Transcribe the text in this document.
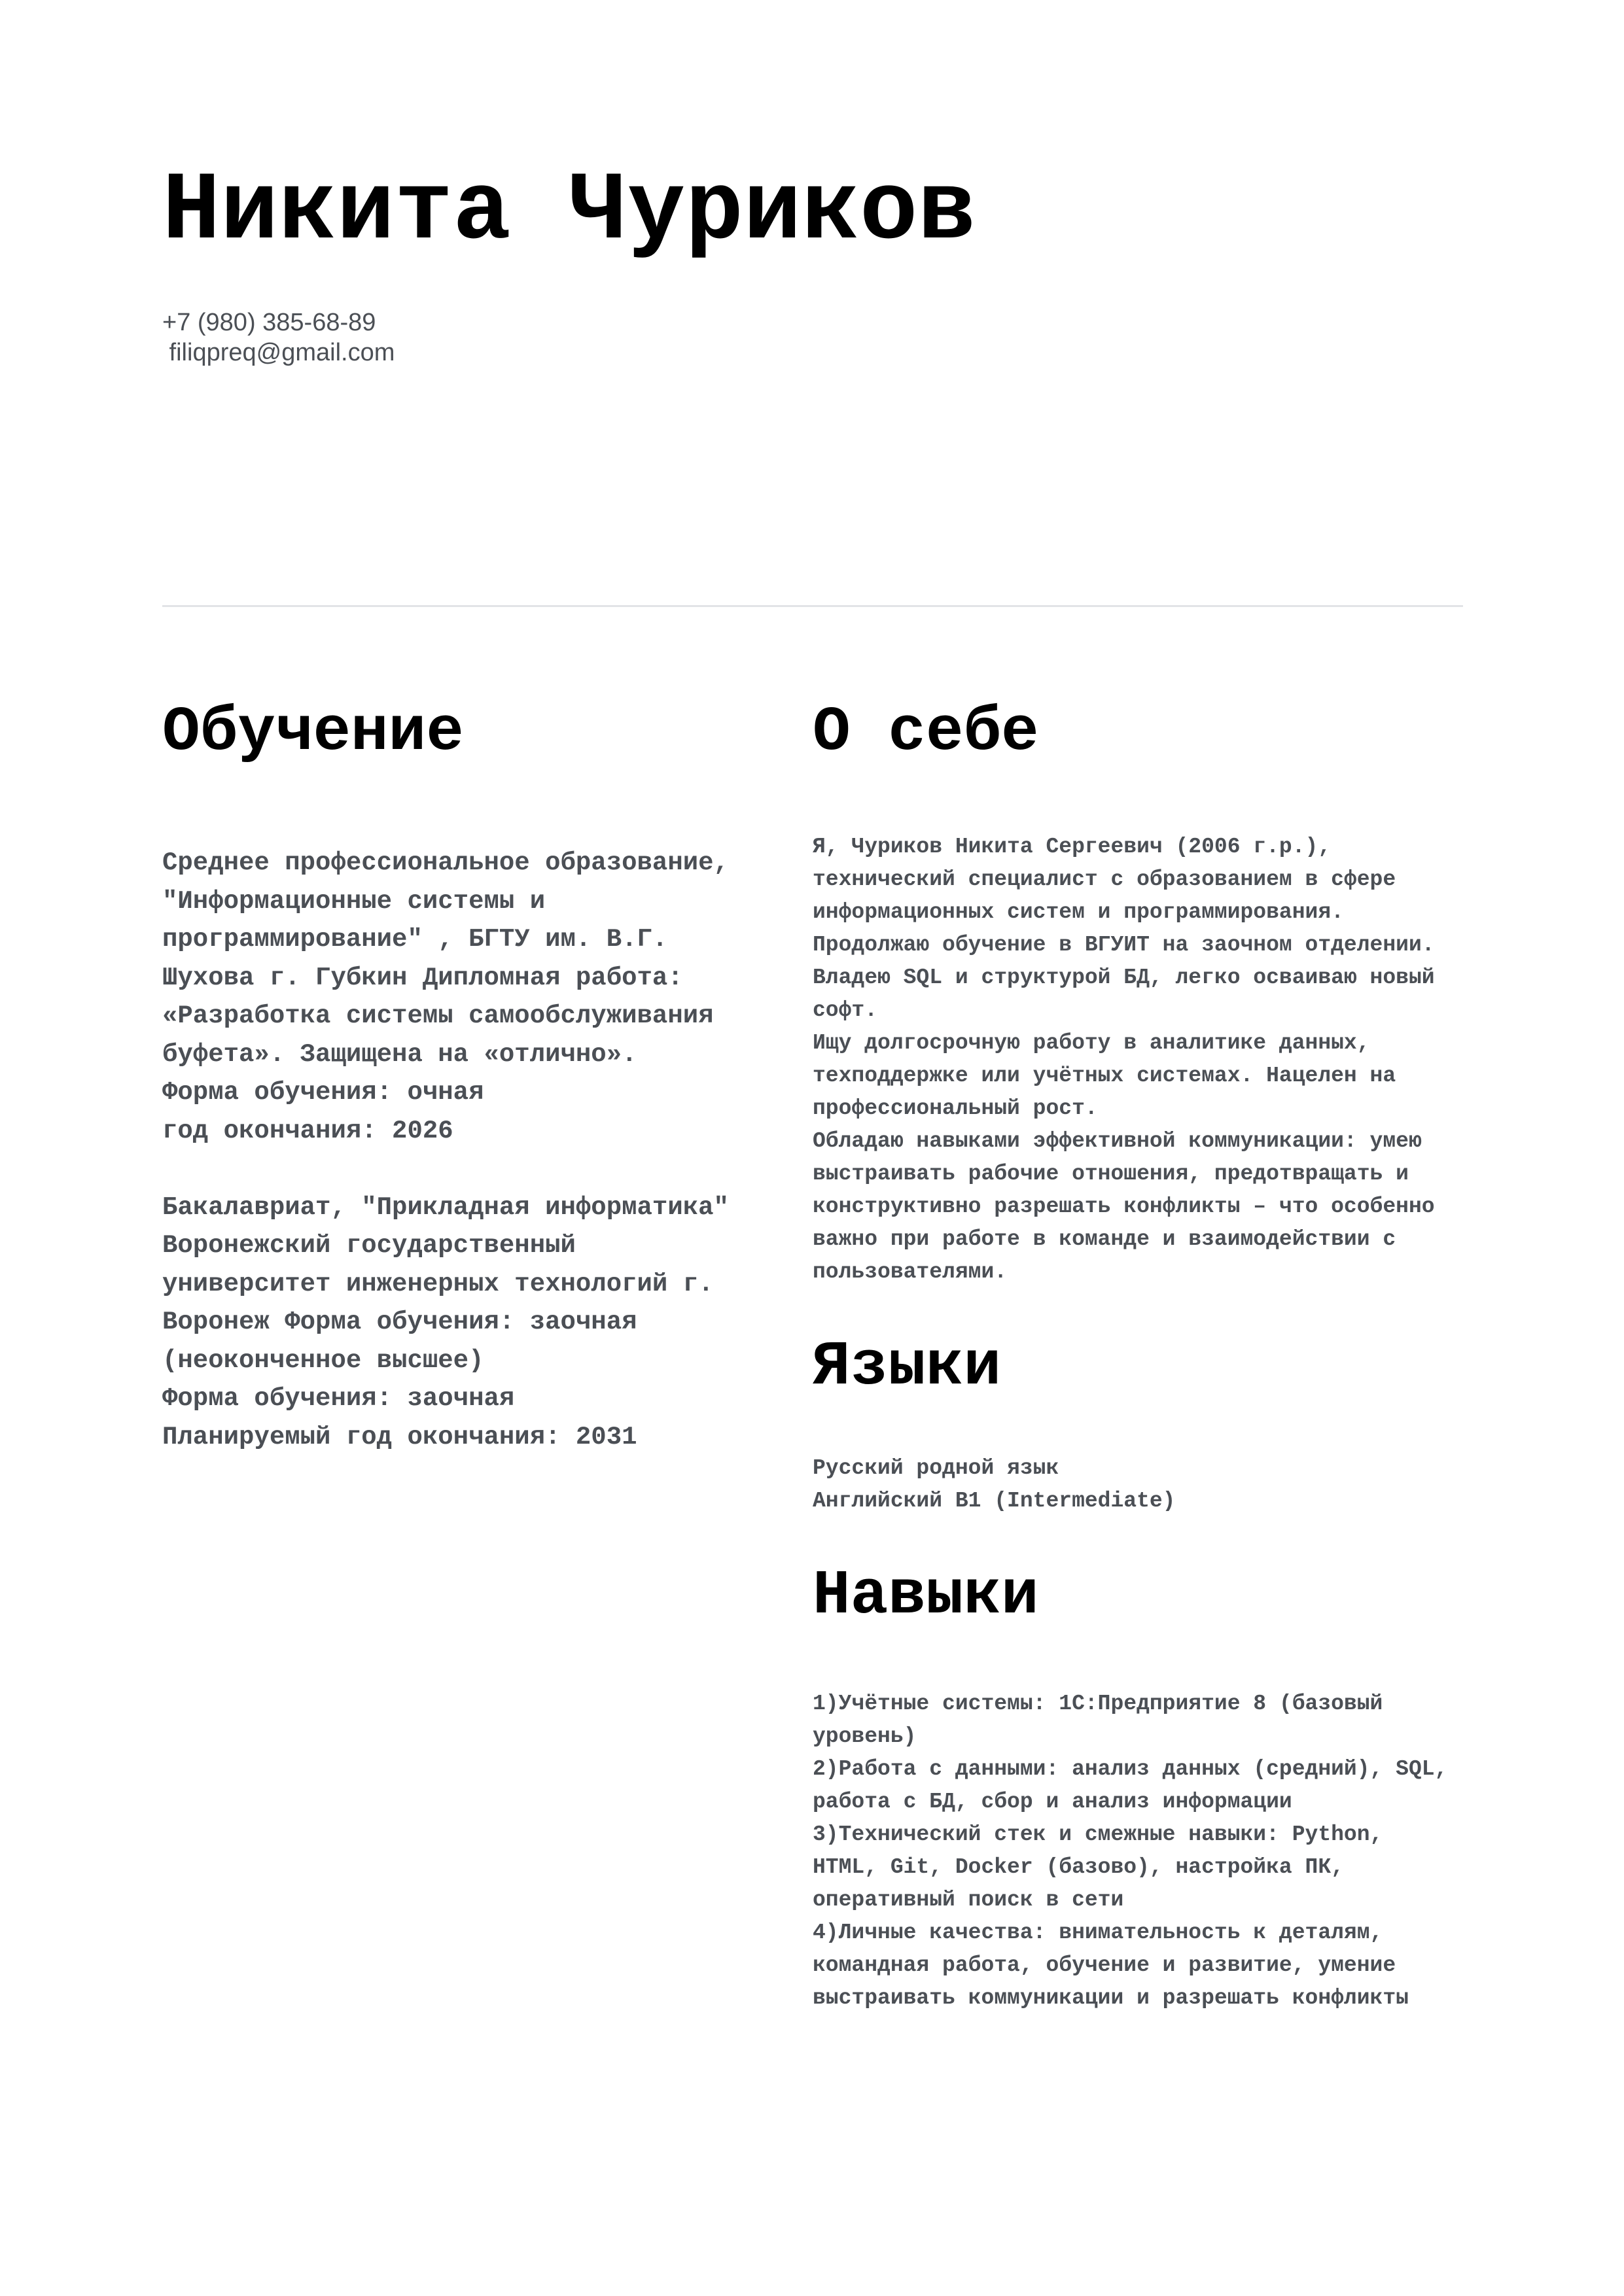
Никита Чуриков
+7 (980) 385-68-89
filiqpreq@gmail.com
Обучение
Среднее профессиональное образование,
"Информационные системы и
программирование" , БГТУ им. В.Г.
Шухова г. Губкин Дипломная работа:
«Разработка системы самообслуживания
буфета». Защищена на «отлично».
Форма обучения: очная
год окончания: 2026
Бакалавриат, "Прикладная информатика"
Воронежский государственный
университет инженерных технологий г.
Воронеж Форма обучения: заочная
(неоконченное высшее)
Форма обучения: заочная
Планируемый год окончания: 2031
О себе
Я, Чуриков Никита Сергеевич (2006 г.р.),
технический специалист с образованием в сфере
информационных систем и программирования.
Продолжаю обучение в ВГУИТ на заочном отделении.
Владею SQL и структурой БД, легко осваиваю новый
софт.
Ищу долгосрочную работу в аналитике данных,
техподдержке или учётных системах. Нацелен на
профессиональный рост.
Обладаю навыками эффективной коммуникации: умею
выстраивать рабочие отношения, предотвращать и
конструктивно разрешать конфликты – что особенно
важно при работе в команде и взаимодействии с
пользователями.
Языки
Русский родной язык
Английский B1 (Intermediate)
Навыки
1)Учётные системы: 1С:Предприятие 8 (базовый
уровень)
2)Работа с данными: анализ данных (средний), SQL,
работа с БД, сбор и анализ информации
3)Технический стек и смежные навыки: Python,
HTML, Git, Docker (базово), настройка ПК,
оперативный поиск в сети
4)Личные качества: внимательность к деталям,
командная работа, обучение и развитие, умение
выстраивать коммуникации и разрешать конфликты
